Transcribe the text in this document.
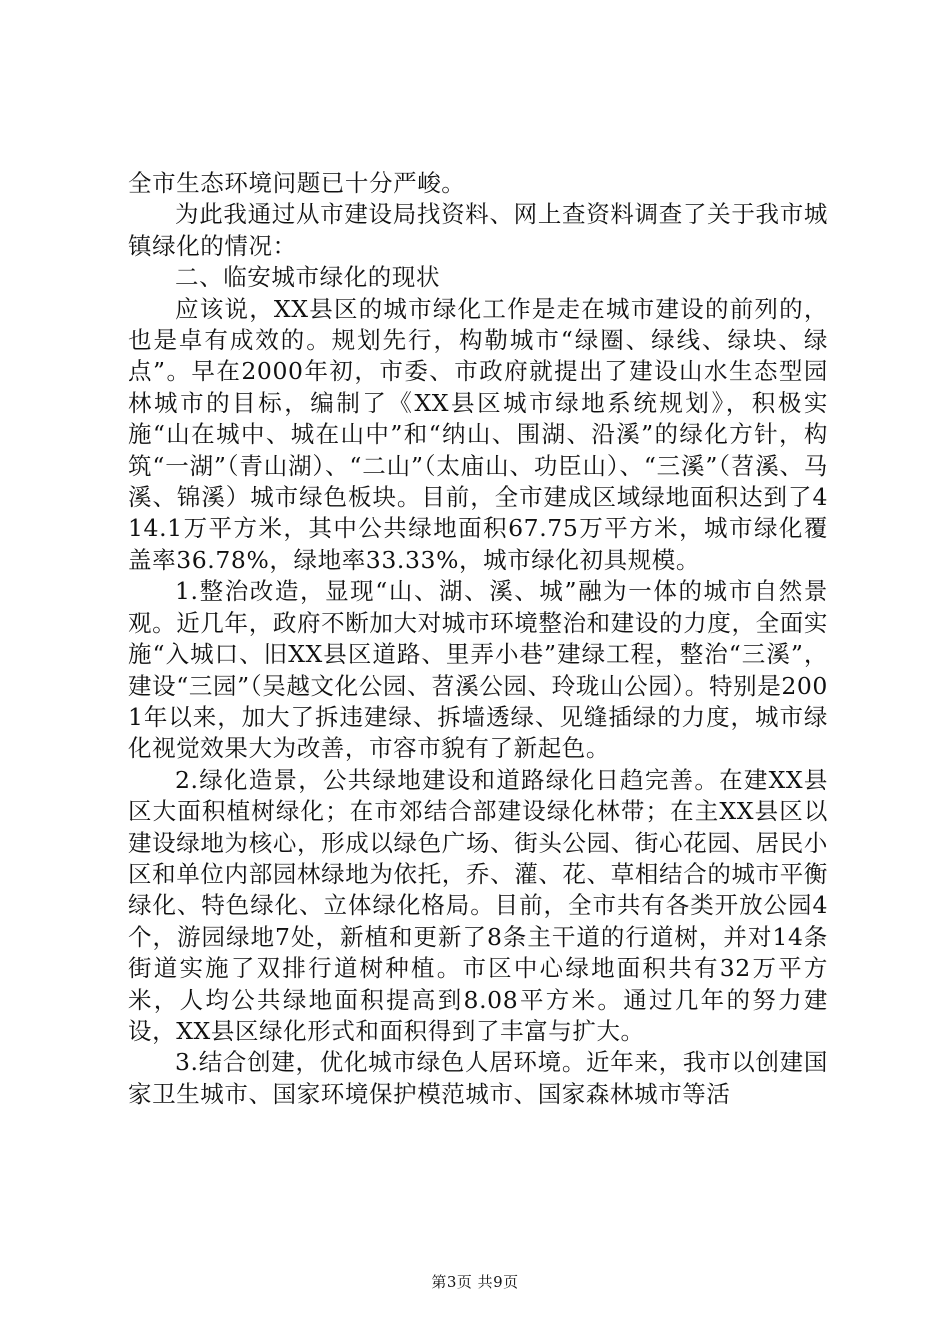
全市生态环境问题已十分严峻。

为此我通过从市建设局找资料、网上查资料调查了关于我市城镇绿化的情况：

二、临安城市绿化的现状

应该说，XX县区的城市绿化工作是走在城市建设的前列的，也是卓有成效的。规划先行，构勒城市“绿圈、绿线、绿块、绿点”。早在2000年初，市委、市政府就提出了建设山水生态型园林城市的目标，编制了《XX县区城市绿地系统规划》，积极实施“山在城中、城在山中”和“纳山、围湖、沿溪”的绿化方针，构筑“一湖”（青山湖）、“二山”（太庙山、功臣山）、“三溪”（苕溪、马溪、锦溪）城市绿色板块。目前，全市建成区域绿地面积达到了414.1万平方米，其中公共绿地面积67.75万平方米，城市绿化覆盖率36.78%，绿地率33.33%，城市绿化初具规模。

1.整治改造，显现“山、湖、溪、城”融为一体的城市自然景观。近几年，政府不断加大对城市环境整治和建设的力度，全面实施“入城口、旧XX县区道路、里弄小巷”建绿工程，整治“三溪”，建设“三园”（吴越文化公园、苕溪公园、玲珑山公园）。特别是2001年以来，加大了拆违建绿、拆墙透绿、见缝插绿的力度，城市绿化视觉效果大为改善，市容市貌有了新起色。

2.绿化造景，公共绿地建设和道路绿化日趋完善。在建XX县区大面积植树绿化；在市郊结合部建设绿化林带；在主XX县区以建设绿地为核心，形成以绿色广场、街头公园、街心花园、居民小区和单位内部园林绿地为依托，乔、灌、花、草相结合的城市平衡绿化、特色绿化、立体绿化格局。目前，全市共有各类开放公园4个，游园绿地7处，新植和更新了8条主干道的行道树，并对14条街道实施了双排行道树种植。市区中心绿地面积共有32万平方米，人均公共绿地面积提高到8.08平方米。通过几年的努力建设，XX县区绿化形式和面积得到了丰富与扩大。

3.结合创建，优化城市绿色人居环境。近年来，我市以创建国家卫生城市、国家环境保护模范城市、国家森林城市等活

第3页 共9页
